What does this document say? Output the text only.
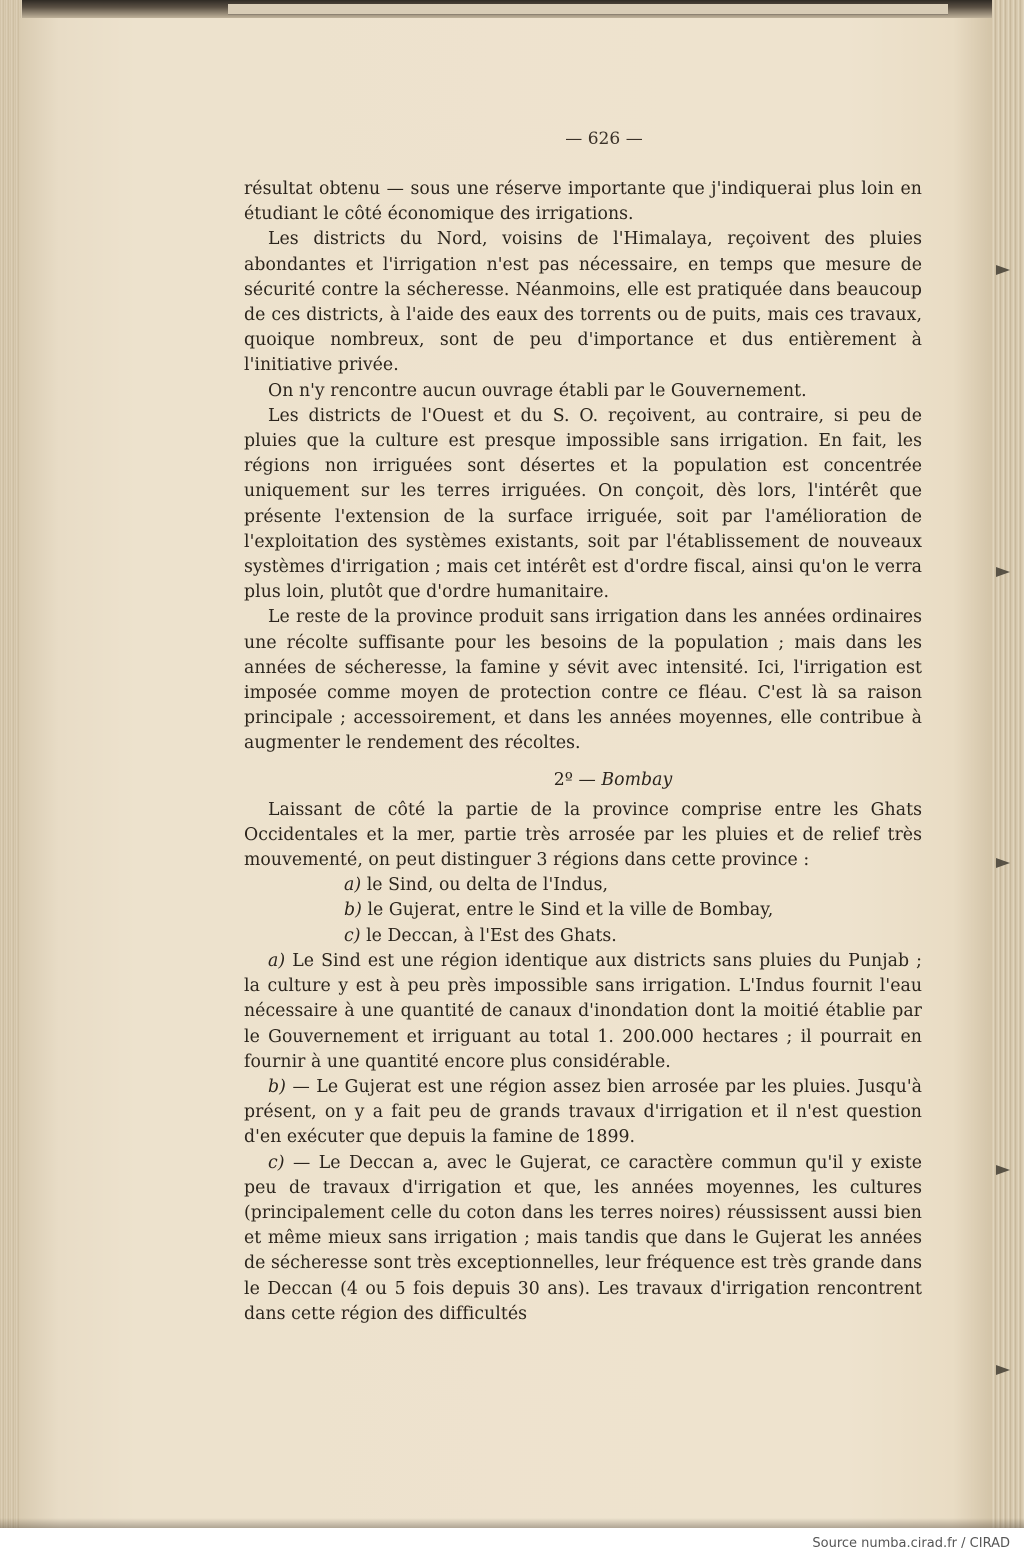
— 626 —

résultat obtenu — sous une réserve importante que j'indiquerai plus loin en étudiant le côté économique des irrigations.

Les districts du Nord, voisins de l'Himalaya, reçoivent des pluies abondantes et l'irrigation n'est pas nécessaire, en temps que mesure de sécurité contre la sécheresse. Néanmoins, elle est pratiquée dans beaucoup de ces districts, à l'aide des eaux des torrents ou de puits, mais ces travaux, quoique nombreux, sont de peu d'importance et dus entièrement à l'initiative privée.

On n'y rencontre aucun ouvrage établi par le Gouvernement.

Les districts de l'Ouest et du S. O. reçoivent, au contraire, si peu de pluies que la culture est presque impossible sans irrigation. En fait, les régions non irriguées sont désertes et la population est concentrée uniquement sur les terres irriguées. On conçoit, dès lors, l'intérêt que présente l'extension de la surface irriguée, soit par l'amélioration de l'exploitation des systèmes existants, soit par l'établissement de nouveaux systèmes d'irrigation ; mais cet intérêt est d'ordre fiscal, ainsi qu'on le verra plus loin, plutôt que d'ordre humanitaire.

Le reste de la province produit sans irrigation dans les années ordinaires une récolte suffisante pour les besoins de la population ; mais dans les années de sécheresse, la famine y sévit avec intensité. Ici, l'irrigation est imposée comme moyen de protection contre ce fléau. C'est là sa raison principale ; accessoirement, et dans les années moyennes, elle contribue à augmenter le rendement des récoltes.

2º — Bombay

Laissant de côté la partie de la province comprise entre les Ghats Occidentales et la mer, partie très arrosée par les pluies et de relief très mouvementé, on peut distinguer 3 régions dans cette province :

a) le Sind, ou delta de l'Indus,
b) le Gujerat, entre le Sind et la ville de Bombay,
c) le Deccan, à l'Est des Ghats.

a) Le Sind est une région identique aux districts sans pluies du Punjab ; la culture y est à peu près impossible sans irrigation. L'Indus fournit l'eau nécessaire à une quantité de canaux d'inondation dont la moitié établie par le Gouvernement et irriguant au total 1. 200.000 hectares ; il pourrait en fournir à une quantité encore plus considérable.

b) — Le Gujerat est une région assez bien arrosée par les pluies. Jusqu'à présent, on y a fait peu de grands travaux d'irrigation et il n'est question d'en exécuter que depuis la famine de 1899.

c) — Le Deccan a, avec le Gujerat, ce caractère commun qu'il y existe peu de travaux d'irrigation et que, les années moyennes, les cultures (principalement celle du coton dans les terres noires) réussissent aussi bien et même mieux sans irrigation ; mais tandis que dans le Gujerat les années de sécheresse sont très exceptionnelles, leur fréquence est très grande dans le Deccan (4 ou 5 fois depuis 30 ans). Les travaux d'irrigation rencontrent dans cette région des difficultés

Source numba.cirad.fr / CIRAD
